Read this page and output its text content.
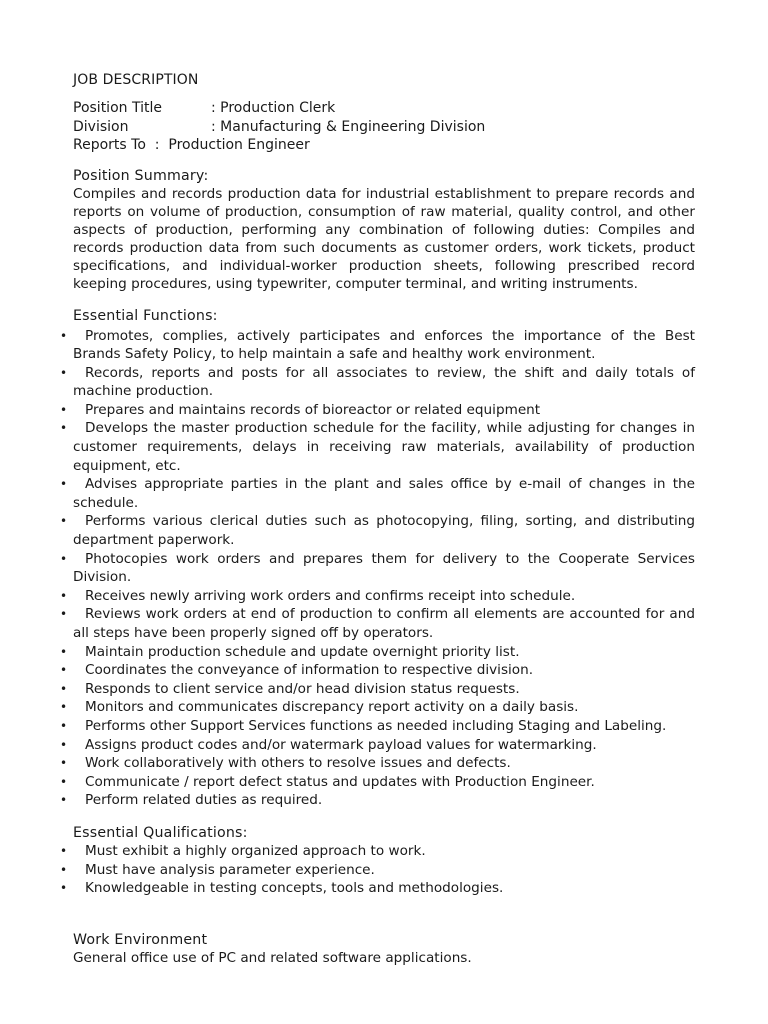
JOB DESCRIPTION
Position Title	: Production Clerk
Division	: Manufacturing & Engineering Division
Reports To  : Production Engineer
Position Summary:

Compiles and records production data for industrial establishment to prepare records and reports on volume of production, consumption of raw material, quality control, and other aspects of production, performing any combination of following duties: Compiles and records production data from such documents as customer orders, work tickets, product specifications, and individual-worker production sheets, following prescribed record keeping procedures, using typewriter, computer terminal, and writing instruments.

Essential Functions:
•	Promotes, complies, actively participates and enforces the importance of the Best Brands Safety Policy, to help maintain a safe and healthy work environment.
•	Records, reports and posts for all associates to review, the shift and daily totals of machine production.
•	Prepares and maintains records of bioreactor or related equipment
•	Develops the master production schedule for the facility, while adjusting for changes in customer requirements, delays in receiving raw materials, availability of production equipment, etc.
•	Advises appropriate parties in the plant and sales office by e-mail of changes in the schedule.
•	Performs various clerical duties such as photocopying, filing, sorting, and distributing department paperwork.
•	Photocopies work orders and prepares them for delivery to the Cooperate Services Division.
•	Receives newly arriving work orders and confirms receipt into schedule.
•	Reviews work orders at end of production to confirm all elements are accounted for and all steps have been properly signed off by operators.
•	Maintain production schedule and update overnight priority list.
•	Coordinates the conveyance of information to respective division.
•	Responds to client service and/or head division status requests.
•	Monitors and communicates discrepancy report activity on a daily basis.
•	Performs other Support Services functions as needed including Staging and Labeling.
•	Assigns product codes and/or watermark payload values for watermarking.
•	Work collaboratively with others to resolve issues and defects.
•	Communicate / report defect status and updates with Production Engineer.
•	Perform related duties as required.
Essential Qualifications:
•	Must exhibit a highly organized approach to work.
•	Must have analysis parameter experience.
•	Knowledgeable in testing concepts, tools and methodologies.
Work Environment

General office use of PC and related software applications.
